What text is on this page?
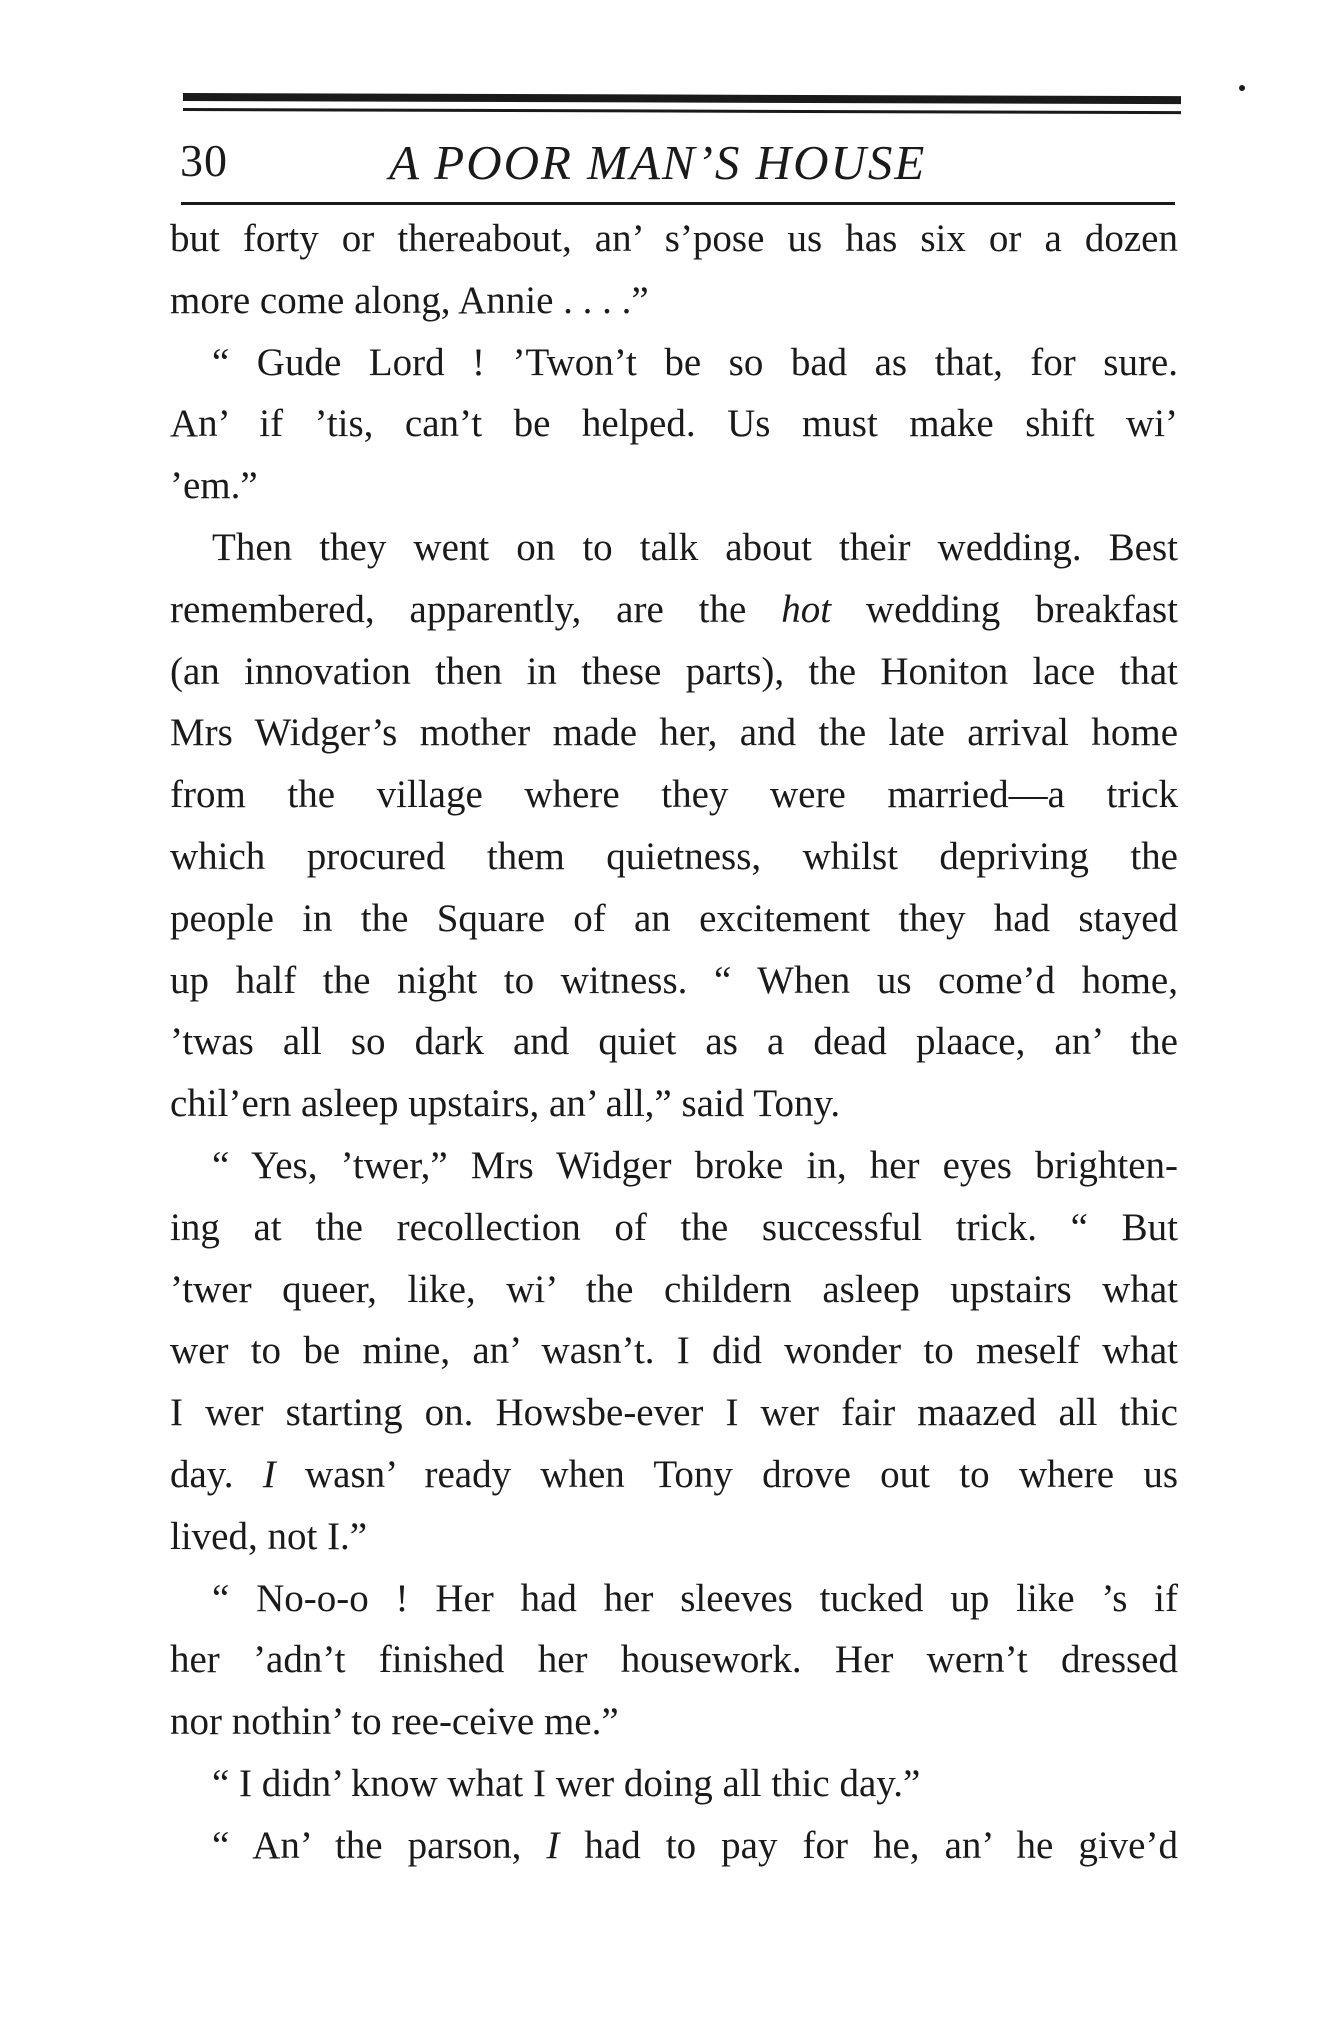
30	A POOR MAN’S HOUSE
but forty or thereabout, an’ s’pose us has six or a dozen
more come along, Annie . . . .”
“ Gude Lord ! ’Twon’t be so bad as that, for sure.
An’ if ’tis, can’t be helped. Us must make shift wi’
’em.”
Then they went on to talk about their wedding. Best
remembered, apparently, are the hot wedding breakfast
(an innovation then in these parts), the Honiton lace that
Mrs Widger’s mother made her, and the late arrival home
from the village where they were married—a trick
which procured them quietness, whilst depriving the
people in the Square of an excitement they had stayed
up half the night to witness. “ When us come’d home,
’twas all so dark and quiet as a dead plaace, an’ the
chil’ern asleep upstairs, an’ all,” said Tony.
“ Yes, ’twer,” Mrs Widger broke in, her eyes brighten-
ing at the recollection of the successful trick. “ But
’twer queer, like, wi’ the childern asleep upstairs what
wer to be mine, an’ wasn’t. I did wonder to meself what
I wer starting on. Howsbe-ever I wer fair maazed all thic
day. I wasn’ ready when Tony drove out to where us
lived, not I.”
“ No-o-o ! Her had her sleeves tucked up like ’s if
her ’adn’t finished her housework. Her wern’t dressed
nor nothin’ to ree-ceive me.”
“ I didn’ know what I wer doing all thic day.”
“ An’ the parson, I had to pay for he, an’ he give’d
